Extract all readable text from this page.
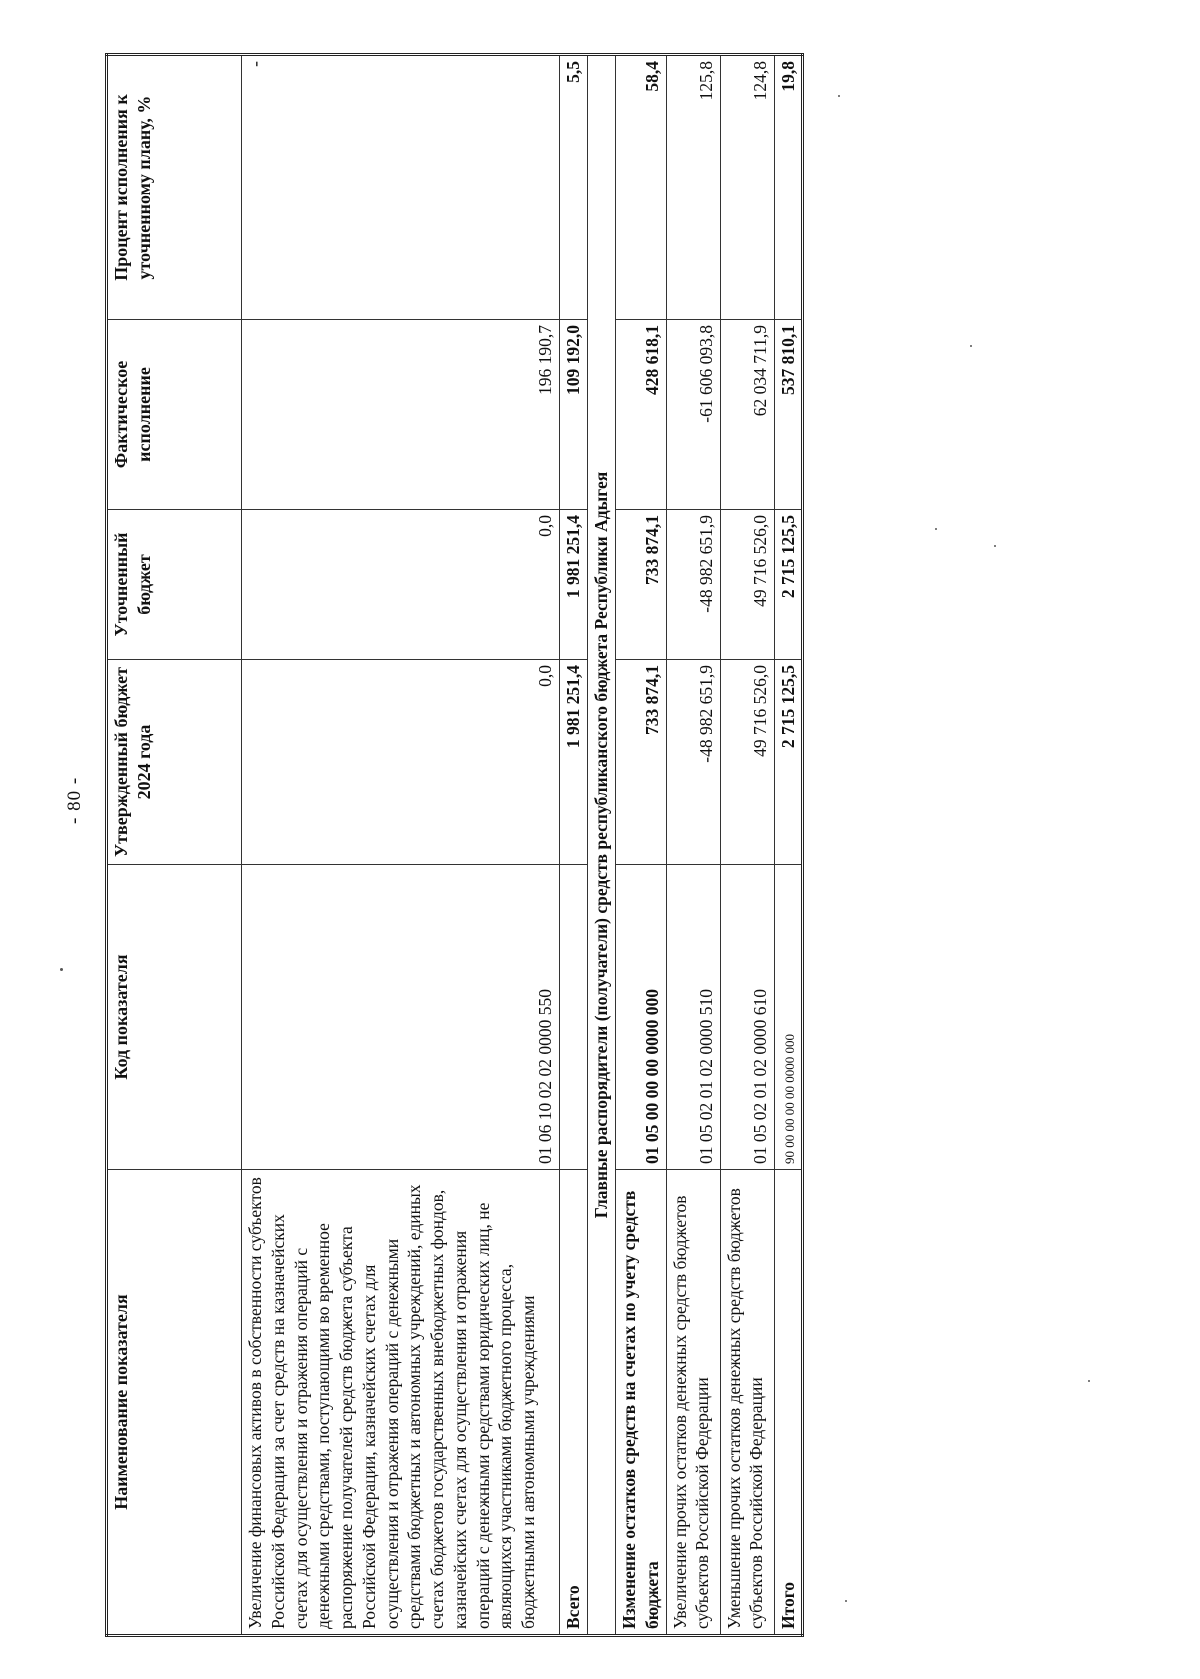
- 80 -
Наименование показателя	Код показателя	Утвержденный бюджет 2024 года	Уточненный бюджет	Фактическое исполнение	Процент исполнения к уточненному плану, %
Увеличение финансовых активов в собственности субъектов Российской Федерации за счет средств на казначейских счетах для осуществления и отражения операций с денежными средствами, поступающими во временное распоряжение получателей средств бюджета субъекта Российской Федерации, казначейских счетах для осуществления и отражения операций с денежными средствами бюджетных и автономных учреждений, единых счетах бюджетов государственных внебюджетных фондов, казначейских счетах для осуществления и отражения операций с денежными средствами юридических лиц, не являющихся участниками бюджетного процесса, бюджетными и автономными учреждениями	01 06 10 02 02 0000 550	0,0	0,0	196 190,7	-
Всего		1 981 251,4	1 981 251,4	109 192,0	5,5
Главные распорядители (получатели) средств республиканского бюджета Республики Адыгея					
Изменение остатков средств на счетах по учету средств бюджета	01 05 00 00 00 0000 000	733 874,1	733 874,1	428 618,1	58,4
Увеличение прочих остатков денежных средств бюджетов субъектов Российской Федерации	01 05 02 01 02 0000 510	-48 982 651,9	-48 982 651,9	-61 606 093,8	125,8
Уменьшение прочих остатков денежных средств бюджетов субъектов Российской Федерации	01 05 02 01 02 0000 610	49 716 526,0	49 716 526,0	62 034 711,9	124,8
Итого	90 00 00 00 00 0000 000	2 715 125,5	2 715 125,5	537 810,1	19,8
